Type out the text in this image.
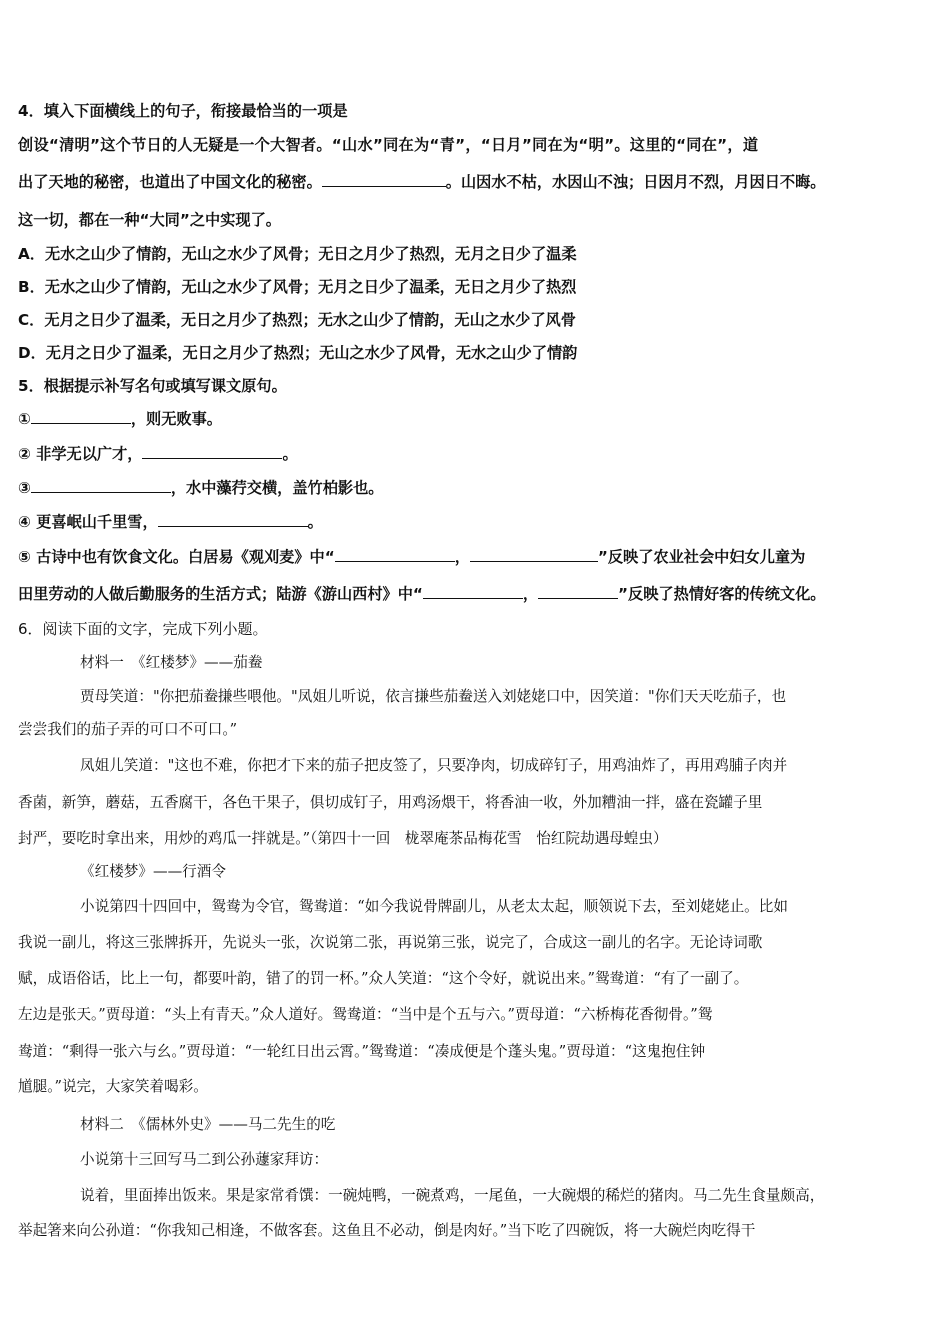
4．填入下面横线上的句子，衔接最恰当的一项是
创设“清明”这个节日的人无疑是一个大智者。“山水”同在为“青”，“日月”同在为“明”。这里的“同在”，道
出了天地的秘密，也道出了中国文化的秘密。	。山因水不枯，水因山不浊；日因月不烈，月因日不晦。
这一切，都在一种“大同”之中实现了。
A．无水之山少了情韵，无山之水少了风骨；无日之月少了热烈，无月之日少了温柔
B．无水之山少了情韵，无山之水少了风骨；无月之日少了温柔，无日之月少了热烈
C．无月之日少了温柔，无日之月少了热烈；无水之山少了情韵，无山之水少了风骨
D．无月之日少了温柔，无日之月少了热烈；无山之水少了风骨，无水之山少了情韵
5．根据提示补写名句或填写课文原句。
①	，则无败事。
② 非学无以广才，	。
③	，水中藻荇交横，盖竹柏影也。
④ 更喜岷山千里雪，	。
⑤ 古诗中也有饮食文化。白居易《观刈麦》中“	，	”反映了农业社会中妇女儿童为
田里劳动的人做后勤服务的生活方式；陆游《游山西村》中“	，	”反映了热情好客的传统文化。
6．阅读下面的文字，完成下列小题。
材料一　《红楼梦》——茄鲞
贾母笑道："你把茄鲞搛些喂他。"凤姐儿听说，依言搛些茄鲞送入刘姥姥口中，因笑道："你们天天吃茄子，也
尝尝我们的茄子弄的可口不可口。”
凤姐儿笑道："这也不难，你把才下来的茄子把皮签了，只要净肉，切成碎钉子，用鸡油炸了，再用鸡脯子肉并
香菌，新笋，蘑菇，五香腐干，各色干果子，俱切成钉子，用鸡汤煨干，将香油一收，外加糟油一拌，盛在瓷罐子里
封严，要吃时拿出来，用炒的鸡瓜一拌就是。”（第四十一回　栊翠庵茶品梅花雪　怡红院劫遇母蝗虫）
《红楼梦》——行酒令
小说第四十四回中，鸳鸯为令官，鸳鸯道：“如今我说骨牌副儿，从老太太起，顺领说下去，至刘姥姥止。比如
我说一副儿，将这三张牌拆开，先说头一张，次说第二张，再说第三张，说完了，合成这一副儿的名字。无论诗词歌
赋，成语俗话，比上一句，都要叶韵，错了的罚一杯。”众人笑道：“这个令好，就说出来。”鸳鸯道：“有了一副了。
左边是张天。”贾母道：“头上有青天。”众人道好。鸳鸯道：“当中是个五与六。”贾母道：“六桥梅花香彻骨。”鸳
鸯道：“剩得一张六与幺。”贾母道：“一轮红日出云霄。”鸳鸯道：“凑成便是个蓬头鬼。”贾母道：“这鬼抱住钟
馗腿。”说完，大家笑着喝彩。
材料二　《儒林外史》——马二先生的吃
小说第十三回写马二到公孙蘧家拜访：
说着，里面捧出饭来。果是家常肴馔：一碗炖鸭，一碗煮鸡，一尾鱼，一大碗煨的稀烂的猪肉。马二先生食量颇高，
举起箸来向公孙道：“你我知己相逢，不做客套。这鱼且不必动，倒是肉好。”当下吃了四碗饭，将一大碗烂肉吃得干
